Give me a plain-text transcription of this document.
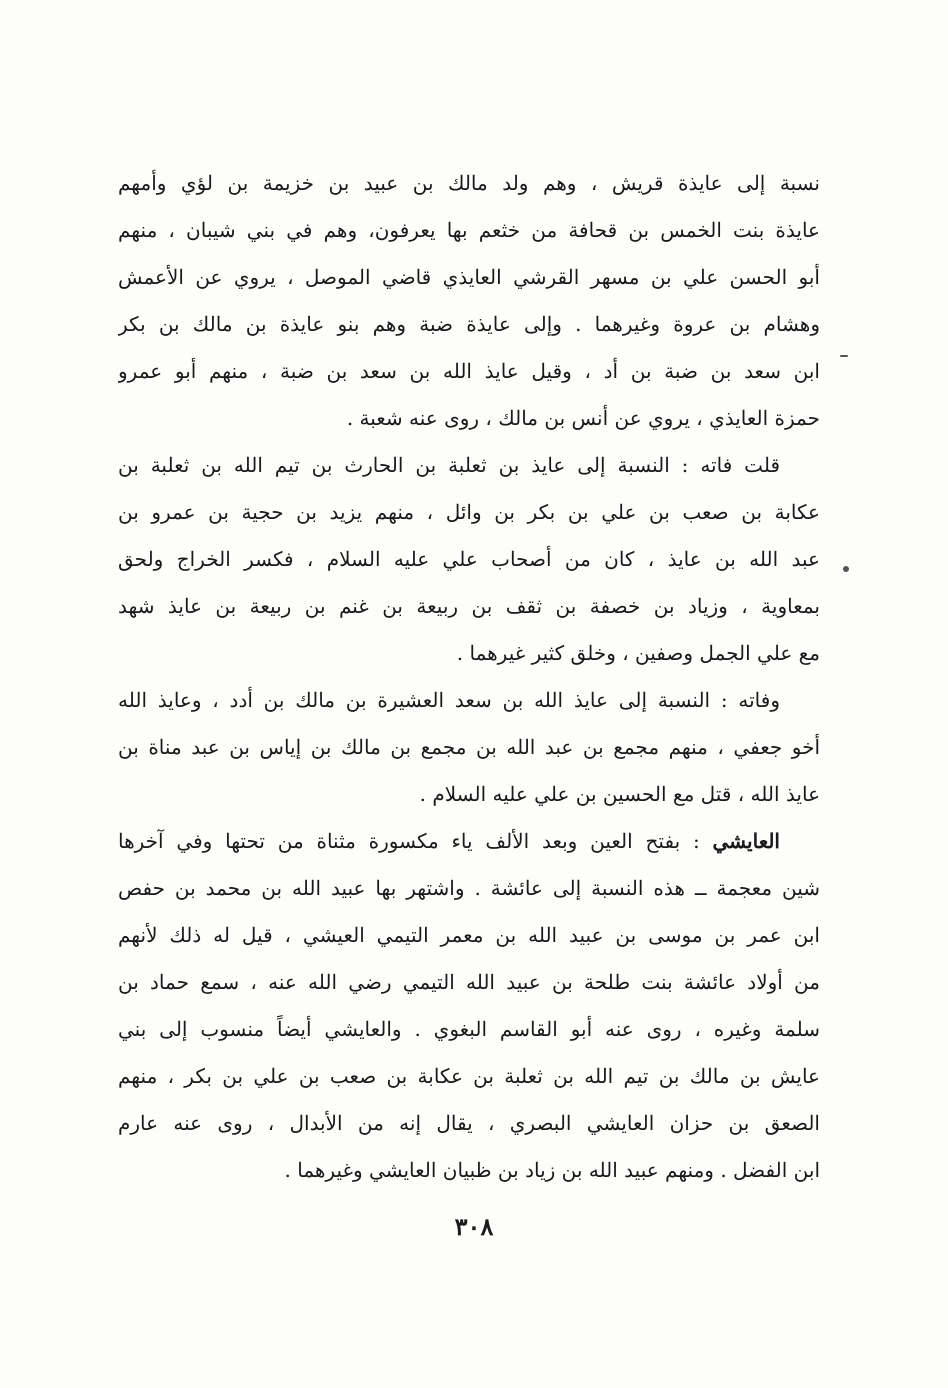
نسبة إلى عايذة قريش ، وهم ولد مالك بن عبيد بن خزيمة بن لؤي وأمهم
عايذة بنت الخمس بن قحافة من خثعم بها يعرفون، وهم في بني شيبان ، منهم
أبو الحسن علي بن مسهر القرشي العايذي قاضي الموصل ، يروي عن الأعمش
وهشام بن عروة وغيرهما . وإلى عايذة ضبة وهم بنو عايذة بن مالك بن بكر
ابن سعد بن ضبة بن أد ، وقيل عايذ الله بن سعد بن ضبة ، منهم أبو عمرو
حمزة العايذي ، يروي عن أنس بن مالك ، روى عنه شعبة .
قلت فاته : النسبة إلى عايذ بن ثعلبة بن الحارث بن تيم الله بن ثعلبة بن
عكابة بن صعب بن علي بن بكر بن وائل ، منهم يزيد بن حجية بن عمرو بن
عبد الله بن عايذ ، كان من أصحاب علي عليه السلام ، فكسر الخراج ولحق
بمعاوية ، وزياد بن خصفة بن ثقف بن ربيعة بن غنم بن ربيعة بن عايذ شهد
مع علي الجمل وصفين ، وخلق كثير غيرهما .
وفاته : النسبة إلى عايذ الله بن سعد العشيرة بن مالك بن أدد ، وعايذ الله
أخو جعفي ، منهم مجمع بن عبد الله بن مجمع بن مالك بن إياس بن عبد مناة بن
عايذ الله ، قتل مع الحسين بن علي عليه السلام .
العايشي : بفتح العين وبعد الألف ياء مكسورة مثناة من تحتها وفي آخرها
شين معجمة ــ هذه النسبة إلى عائشة . واشتهر بها عبيد الله بن محمد بن حفص
ابن عمر بن موسى بن عبيد الله بن معمر التيمي العيشي ، قيل له ذلك لأنهم
من أولاد عائشة بنت طلحة بن عبيد الله التيمي رضي الله عنه ، سمع حماد بن
سلمة وغيره ، روى عنه أبو القاسم البغوي . والعايشي أيضاً منسوب إلى بني
عايش بن مالك بن تيم الله بن ثعلبة بن عكابة بن صعب بن علي بن بكر ، منهم
الصعق بن حزان العايشي البصري ، يقال إنه من الأبدال ، روى عنه عارم
ابن الفضل . ومنهم عبيد الله بن زياد بن ظبيان العايشي وغيرهما .
٣٠٨
